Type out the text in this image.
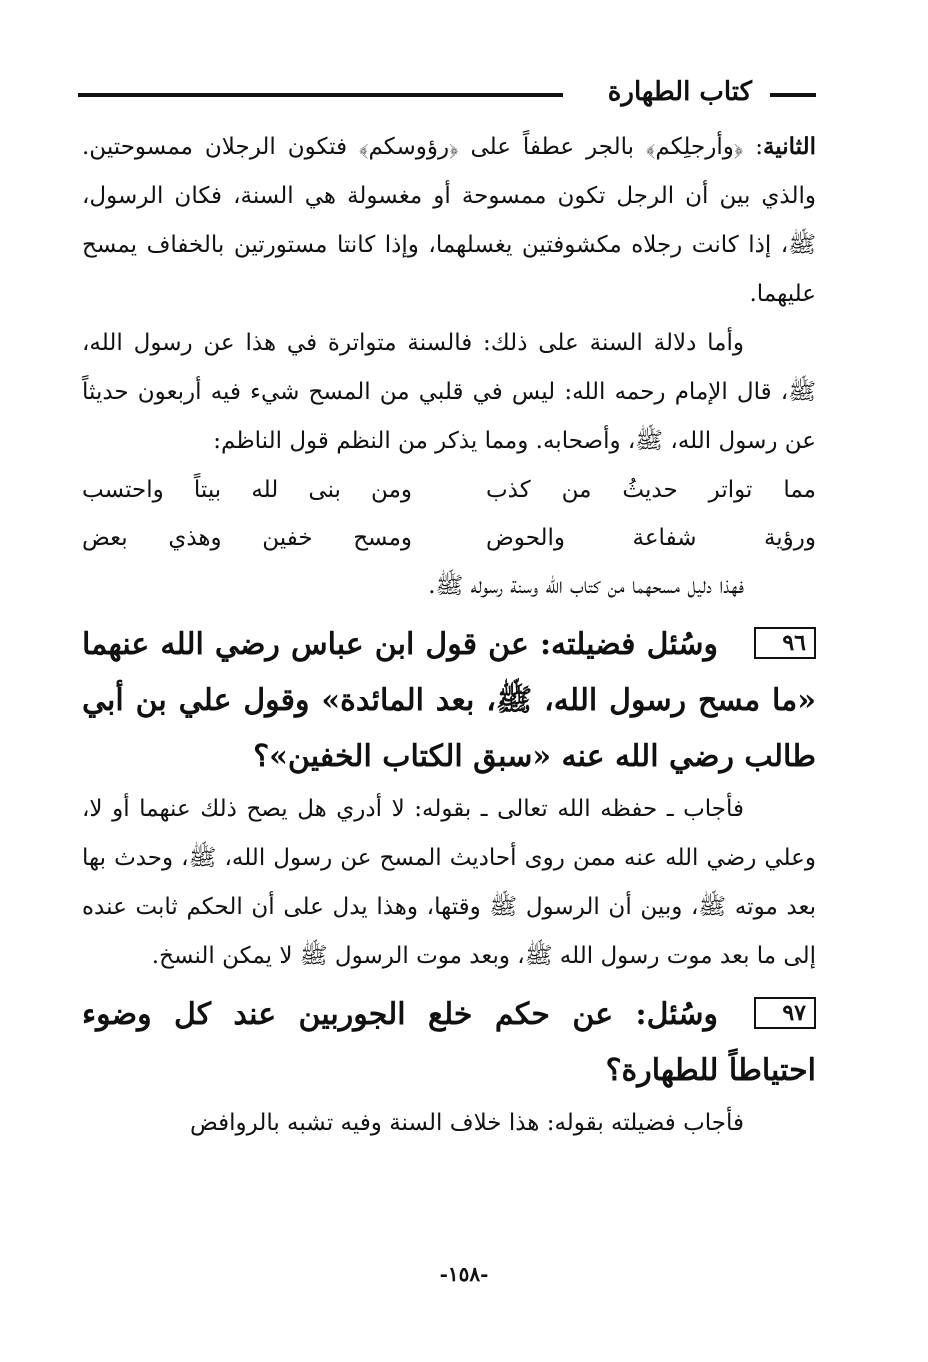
كتاب الطهارة

الثانية: ﴿وأرجلِكم﴾ بالجر عطفاً على ﴿رؤوسكم﴾ فتكون الرجلان ممسوحتين. والذي بين أن الرجل تكون ممسوحة أو مغسولة هي السنة، فكان الرسول، ﷺ، إذا كانت رجلاه مكشوفتين يغسلهما، وإذا كانتا مستورتين بالخفاف يمسح عليهما.

وأما دلالة السنة على ذلك: فالسنة متواترة في هذا عن رسول الله، ﷺ، قال الإمام رحمه الله: ليس في قلبي من المسح شيء فيه أربعون حديثاً عن رسول الله، ﷺ، وأصحابه. ومما يذكر من النظم قول الناظم:

مما تواتر حديثُ من كذب
ومن بنى لله بيتاً واحتسب
ورؤية شفاعة والحوض
ومسح خفين وهذي بعض

فهذا دليل مسحهما من كتاب الله وسنة رسوله ﷺ.

٩٦وسُئل فضيلته: عن قول ابن عباس رضي الله عنهما «ما مسح رسول الله، ﷺ، بعد المائدة» وقول علي بن أبي طالب رضي الله عنه «سبق الكتاب الخفين»؟

فأجاب ـ حفظه الله تعالى ـ بقوله: لا أدري هل يصح ذلك عنهما أو لا، وعلي رضي الله عنه ممن روى أحاديث المسح عن رسول الله، ﷺ، وحدث بها بعد موته ﷺ، وبين أن الرسول ﷺ وقتها، وهذا يدل على أن الحكم ثابت عنده إلى ما بعد موت رسول الله ﷺ، وبعد موت الرسول ﷺ لا يمكن النسخ.

٩٧وسُئل: عن حكم خلع الجوربين عند كل وضوء احتياطاً للطهارة؟

فأجاب فضيلته بقوله: هذا خلاف السنة وفيه تشبه بالروافض

-١٥٨-
